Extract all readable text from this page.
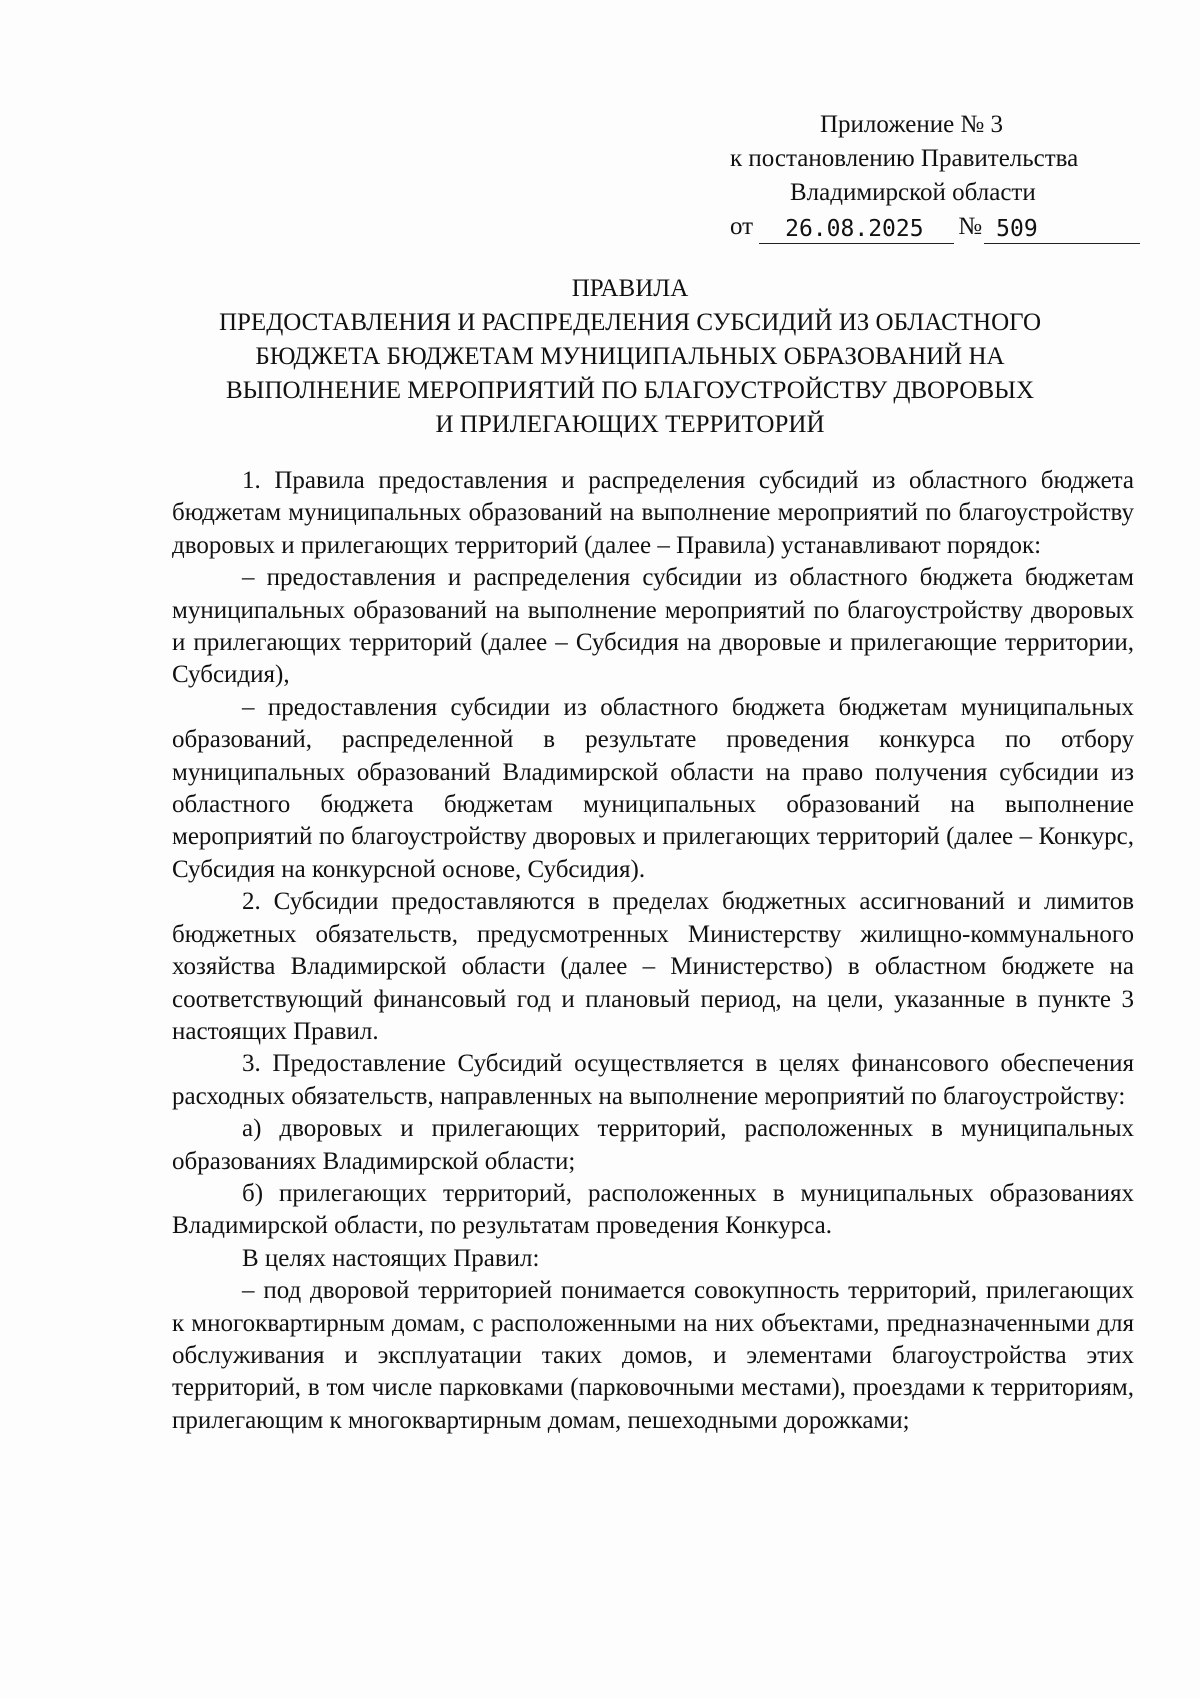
Приложение № 3
к постановлению Правительства
Владимирской области
от	26.08.2025	№ 509
ПРАВИЛА
ПРЕДОСТАВЛЕНИЯ И РАСПРЕДЕЛЕНИЯ СУБСИДИЙ ИЗ ОБЛАСТНОГО
БЮДЖЕТА БЮДЖЕТАМ МУНИЦИПАЛЬНЫХ ОБРАЗОВАНИЙ НА
ВЫПОЛНЕНИЕ МЕРОПРИЯТИЙ ПО БЛАГОУСТРОЙСТВУ ДВОРОВЫХ
И ПРИЛЕГАЮЩИХ ТЕРРИТОРИЙ

1. Правила предоставления и распределения субсидий из областного бюджета бюджетам муниципальных образований на выполнение мероприятий по благоустройству дворовых и прилегающих территорий (далее – Правила) устанавливают порядок:

– предоставления и распределения субсидии из областного бюджета бюджетам муниципальных образований на выполнение мероприятий по благоустройству дворовых и прилегающих территорий (далее – Субсидия на дворовые и прилегающие территории, Субсидия),

– предоставления субсидии из областного бюджета бюджетам муниципальных образований, распределенной в результате проведения конкурса по отбору муниципальных образований Владимирской области на право получения субсидии из областного бюджета бюджетам муниципальных образований на выполнение мероприятий по благоустройству дворовых и прилегающих территорий (далее – Конкурс, Субсидия на конкурсной основе, Субсидия).

2. Субсидии предоставляются в пределах бюджетных ассигнований и лимитов бюджетных обязательств, предусмотренных Министерству жилищно-коммунального хозяйства Владимирской области (далее – Министерство) в областном бюджете на соответствующий финансовый год и плановый период, на цели, указанные в пункте 3 настоящих Правил.

3. Предоставление Субсидий осуществляется в целях финансового обеспечения расходных обязательств, направленных на выполнение мероприятий по благоустройству:

а) дворовых и прилегающих территорий, расположенных в муниципальных образованиях Владимирской области;

б) прилегающих территорий, расположенных в муниципальных образованиях Владимирской области, по результатам проведения Конкурса.

В целях настоящих Правил:

– под дворовой территорией понимается совокупность территорий, прилегающих к многоквартирным домам, с расположенными на них объектами, предназначенными для обслуживания и эксплуатации таких домов, и элементами благоустройства этих территорий, в том числе парковками (парковочными местами), проездами к территориям, прилегающим к многоквартирным домам, пешеходными дорожками;
